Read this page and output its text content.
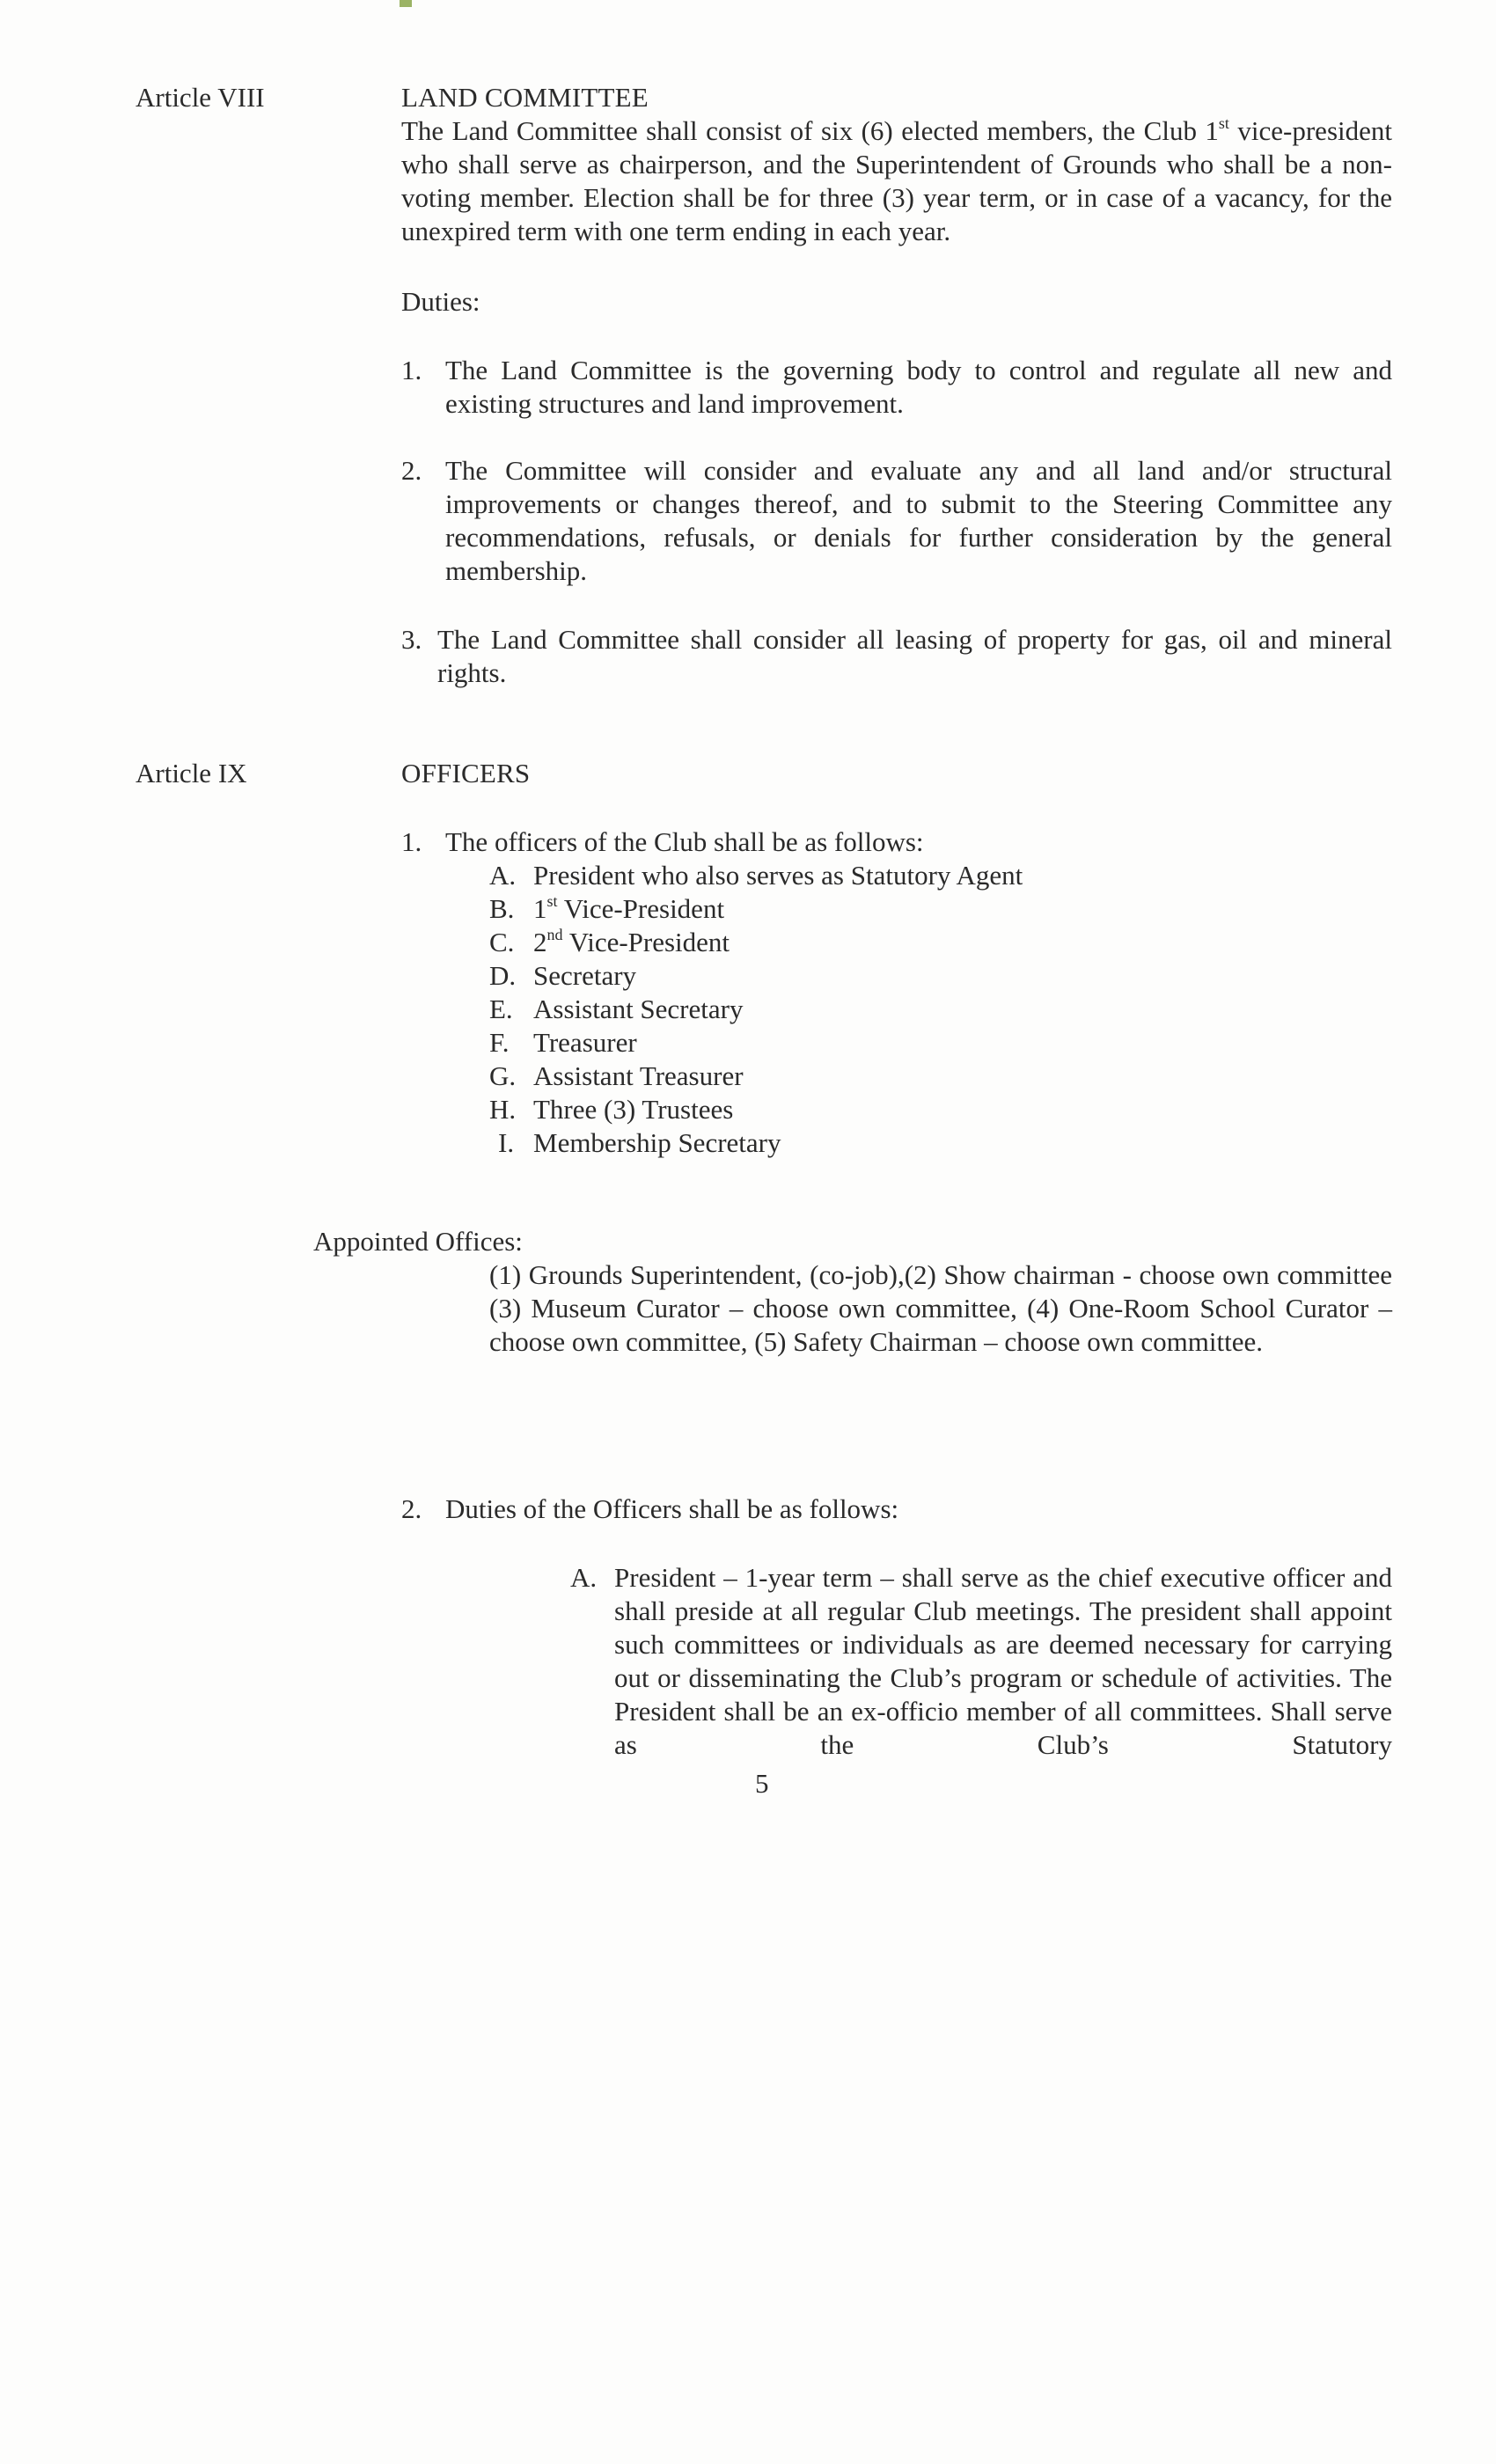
Article VIII	LAND COMMITTEE
The Land Committee shall consist of six (6) elected members, the Club 1st vice-president who shall serve as chairperson, and the Superintendent of Grounds who shall be a non-voting member. Election shall be for three (3) year term, or in case of a vacancy, for the unexpired term with one term ending in each year.
Duties:
1. The Land Committee is the governing body to control and regulate all new and existing structures and land improvement.
2. The Committee will consider and evaluate any and all land and/or structural improvements or changes thereof, and to submit to the Steering Committee any recommendations, refusals, or denials for further consideration by the general membership.
3. The Land Committee shall consider all leasing of property for gas, oil and mineral rights.
Article IX	OFFICERS
1. The officers of the Club shall be as follows:
A. President who also serves as Statutory Agent
B. 1st Vice-President
C. 2nd Vice-President
D. Secretary
E. Assistant Secretary
F. Treasurer
G. Assistant Treasurer
H. Three (3) Trustees
I. Membership Secretary
Appointed Offices:
(1) Grounds Superintendent, (co-job),(2) Show chairman - choose own committee (3) Museum Curator – choose own committee, (4) One-Room School Curator – choose own committee, (5) Safety Chairman – choose own committee.
2. Duties of the Officers shall be as follows:
A. President – 1-year term – shall serve as the chief executive officer and shall preside at all regular Club meetings. The president shall appoint such committees or individuals as are deemed necessary for carrying out or disseminating the Club’s program or schedule of activities. The President shall be an ex-officio member of all committees. Shall serve as the Club’s Statutory
5
